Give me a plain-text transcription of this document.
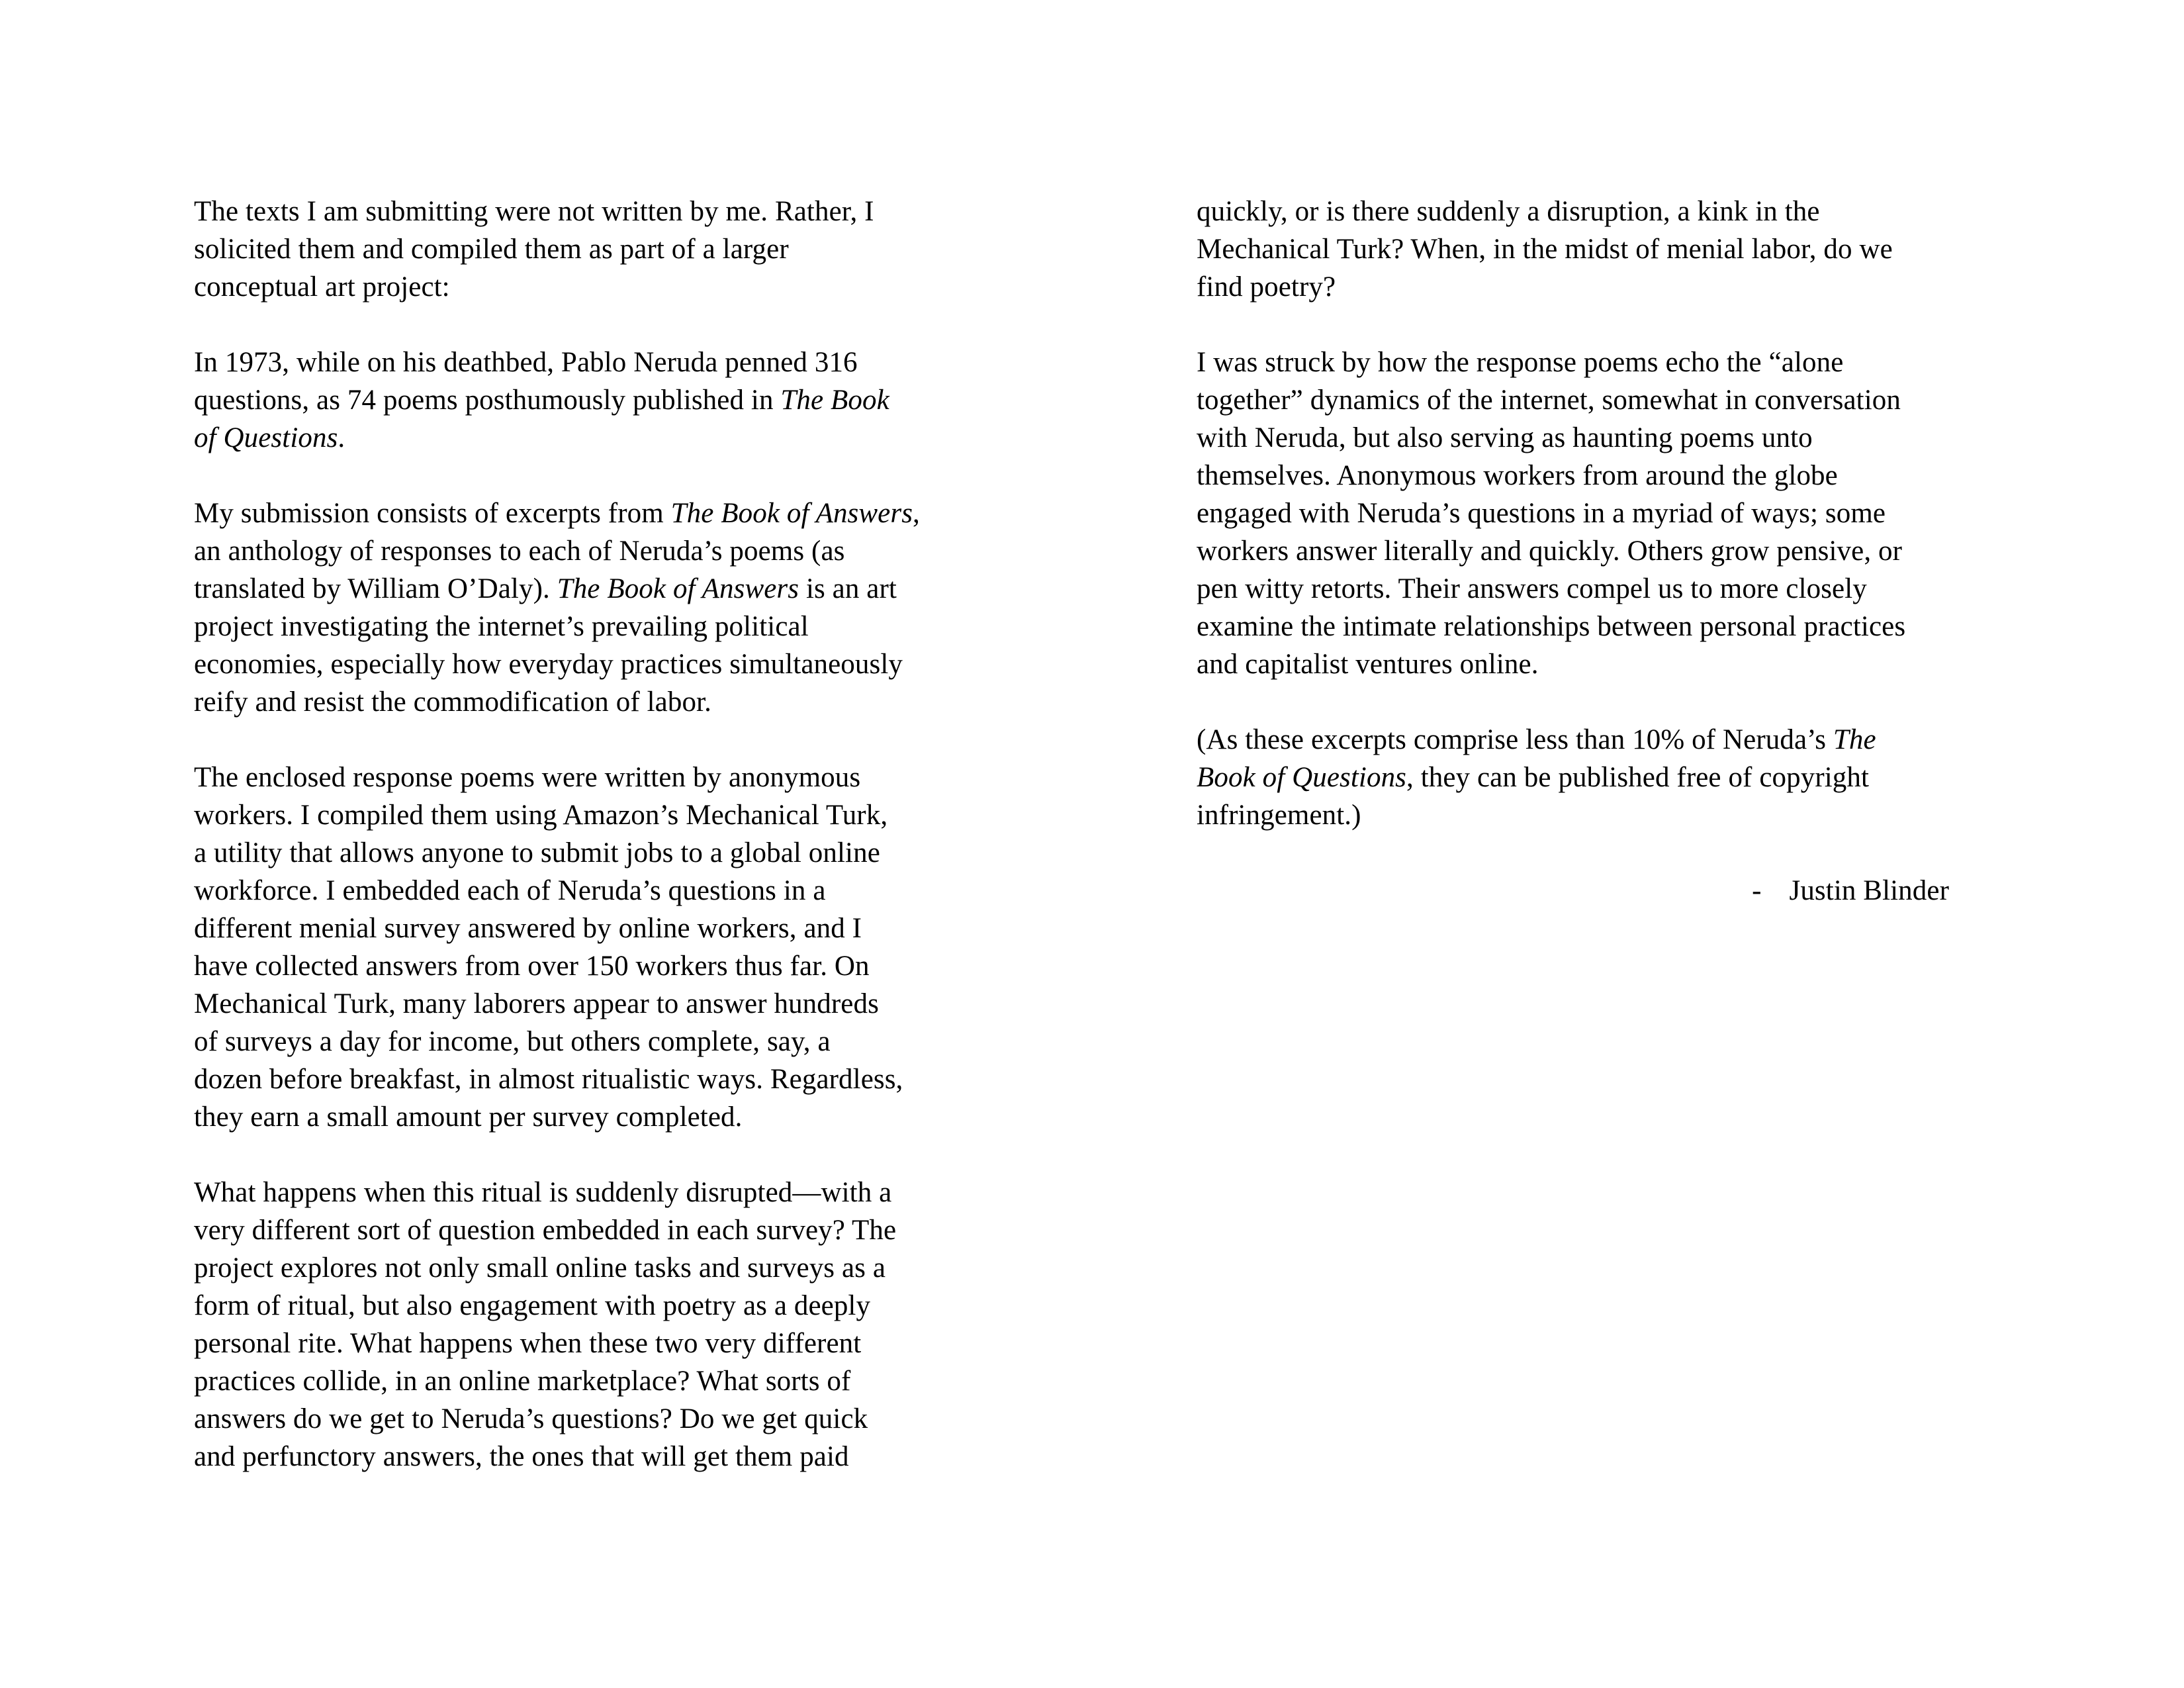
The texts I am submitting were not written by me. Rather, I
solicited them and compiled them as part of a larger
conceptual art project:
In 1973, while on his deathbed, Pablo Neruda penned 316
questions, as 74 poems posthumously published in The Book
of Questions.
My submission consists of excerpts from The Book of Answers,
an anthology of responses to each of Neruda’s poems (as
translated by William O’Daly). The Book of Answers is an art
project investigating the internet’s prevailing political
economies, especially how everyday practices simultaneously
reify and resist the commodification of labor.
The enclosed response poems were written by anonymous
workers. I compiled them using Amazon’s Mechanical Turk,
a utility that allows anyone to submit jobs to a global online
workforce. I embedded each of Neruda’s questions in a
different menial survey answered by online workers, and I
have collected answers from over 150 workers thus far. On
Mechanical Turk, many laborers appear to answer hundreds
of surveys a day for income, but others complete, say, a
dozen before breakfast, in almost ritualistic ways. Regardless,
they earn a small amount per survey completed.
What happens when this ritual is suddenly disrupted—with a
very different sort of question embedded in each survey? The
project explores not only small online tasks and surveys as a
form of ritual, but also engagement with poetry as a deeply
personal rite. What happens when these two very different
practices collide, in an online marketplace? What sorts of
answers do we get to Neruda’s questions? Do we get quick
and perfunctory answers, the ones that will get them paid
quickly, or is there suddenly a disruption, a kink in the
Mechanical Turk? When, in the midst of menial labor, do we
find poetry?
I was struck by how the response poems echo the “alone
together” dynamics of the internet, somewhat in conversation
with Neruda, but also serving as haunting poems unto
themselves. Anonymous workers from around the globe
engaged with Neruda’s questions in a myriad of ways; some
workers answer literally and quickly. Others grow pensive, or
pen witty retorts. Their answers compel us to more closely
examine the intimate relationships between personal practices
and capitalist ventures online.
(As these excerpts comprise less than 10% of Neruda’s The
Book of Questions, they can be published free of copyright
infringement.)
- Justin Blinder
